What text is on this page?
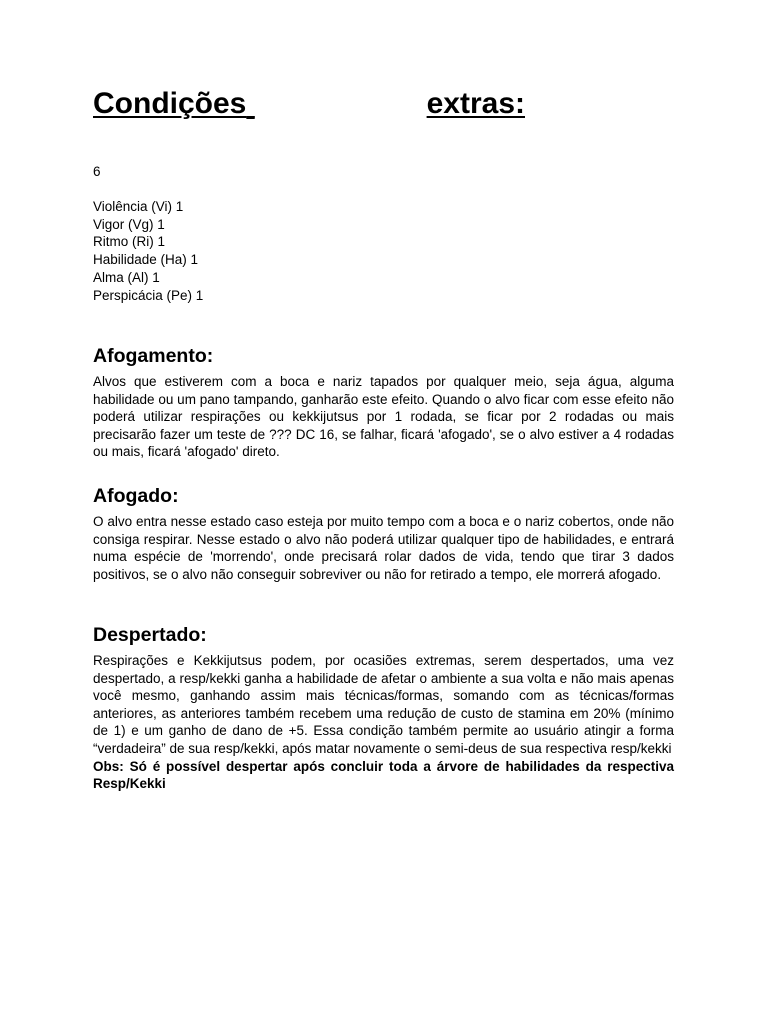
Condições
	extras:

6

Violência (Vi) 1
Vigor (Vg) 1
Ritmo (Ri) 1
Habilidade (Ha) 1
Alma (Al) 1
Perspicácia (Pe) 1
Afogamento:

Alvos que estiverem com a boca e nariz tapados por qualquer meio, seja água, alguma habilidade ou um pano tampando, ganharão este efeito. Quando o alvo ficar com esse efeito não poderá utilizar respirações ou kekkijutsus por 1 rodada, se ficar por 2 rodadas ou mais precisarão fazer um teste de ??? DC 16, se falhar, ficará 'afogado', se o alvo estiver a 4 rodadas ou mais, ficará 'afogado' direto.

Afogado:

O alvo entra nesse estado caso esteja por muito tempo com a boca e o nariz cobertos, onde não consiga respirar. Nesse estado o alvo não poderá utilizar qualquer tipo de habilidades, e entrará numa espécie de 'morrendo', onde precisará rolar dados de vida, tendo que tirar 3 dados positivos, se o alvo não conseguir sobreviver ou não for retirado a tempo, ele morrerá afogado.

Despertado:

Respirações e Kekkijutsus podem, por ocasiões extremas, serem despertados, uma vez despertado, a resp/kekki ganha a habilidade de afetar o ambiente a sua volta e não mais apenas você mesmo, ganhando assim mais técnicas/formas, somando com as técnicas/formas anteriores, as anteriores também recebem uma redução de custo de stamina em 20% (mínimo de 1) e um ganho de dano de +5. Essa condição também permite ao usuário atingir a forma “verdadeira” de sua resp/kekki, após matar novamente o semi-deus de sua respectiva resp/kekki

Obs: Só é possível despertar após concluir toda a árvore de habilidades da respectiva Resp/Kekki
